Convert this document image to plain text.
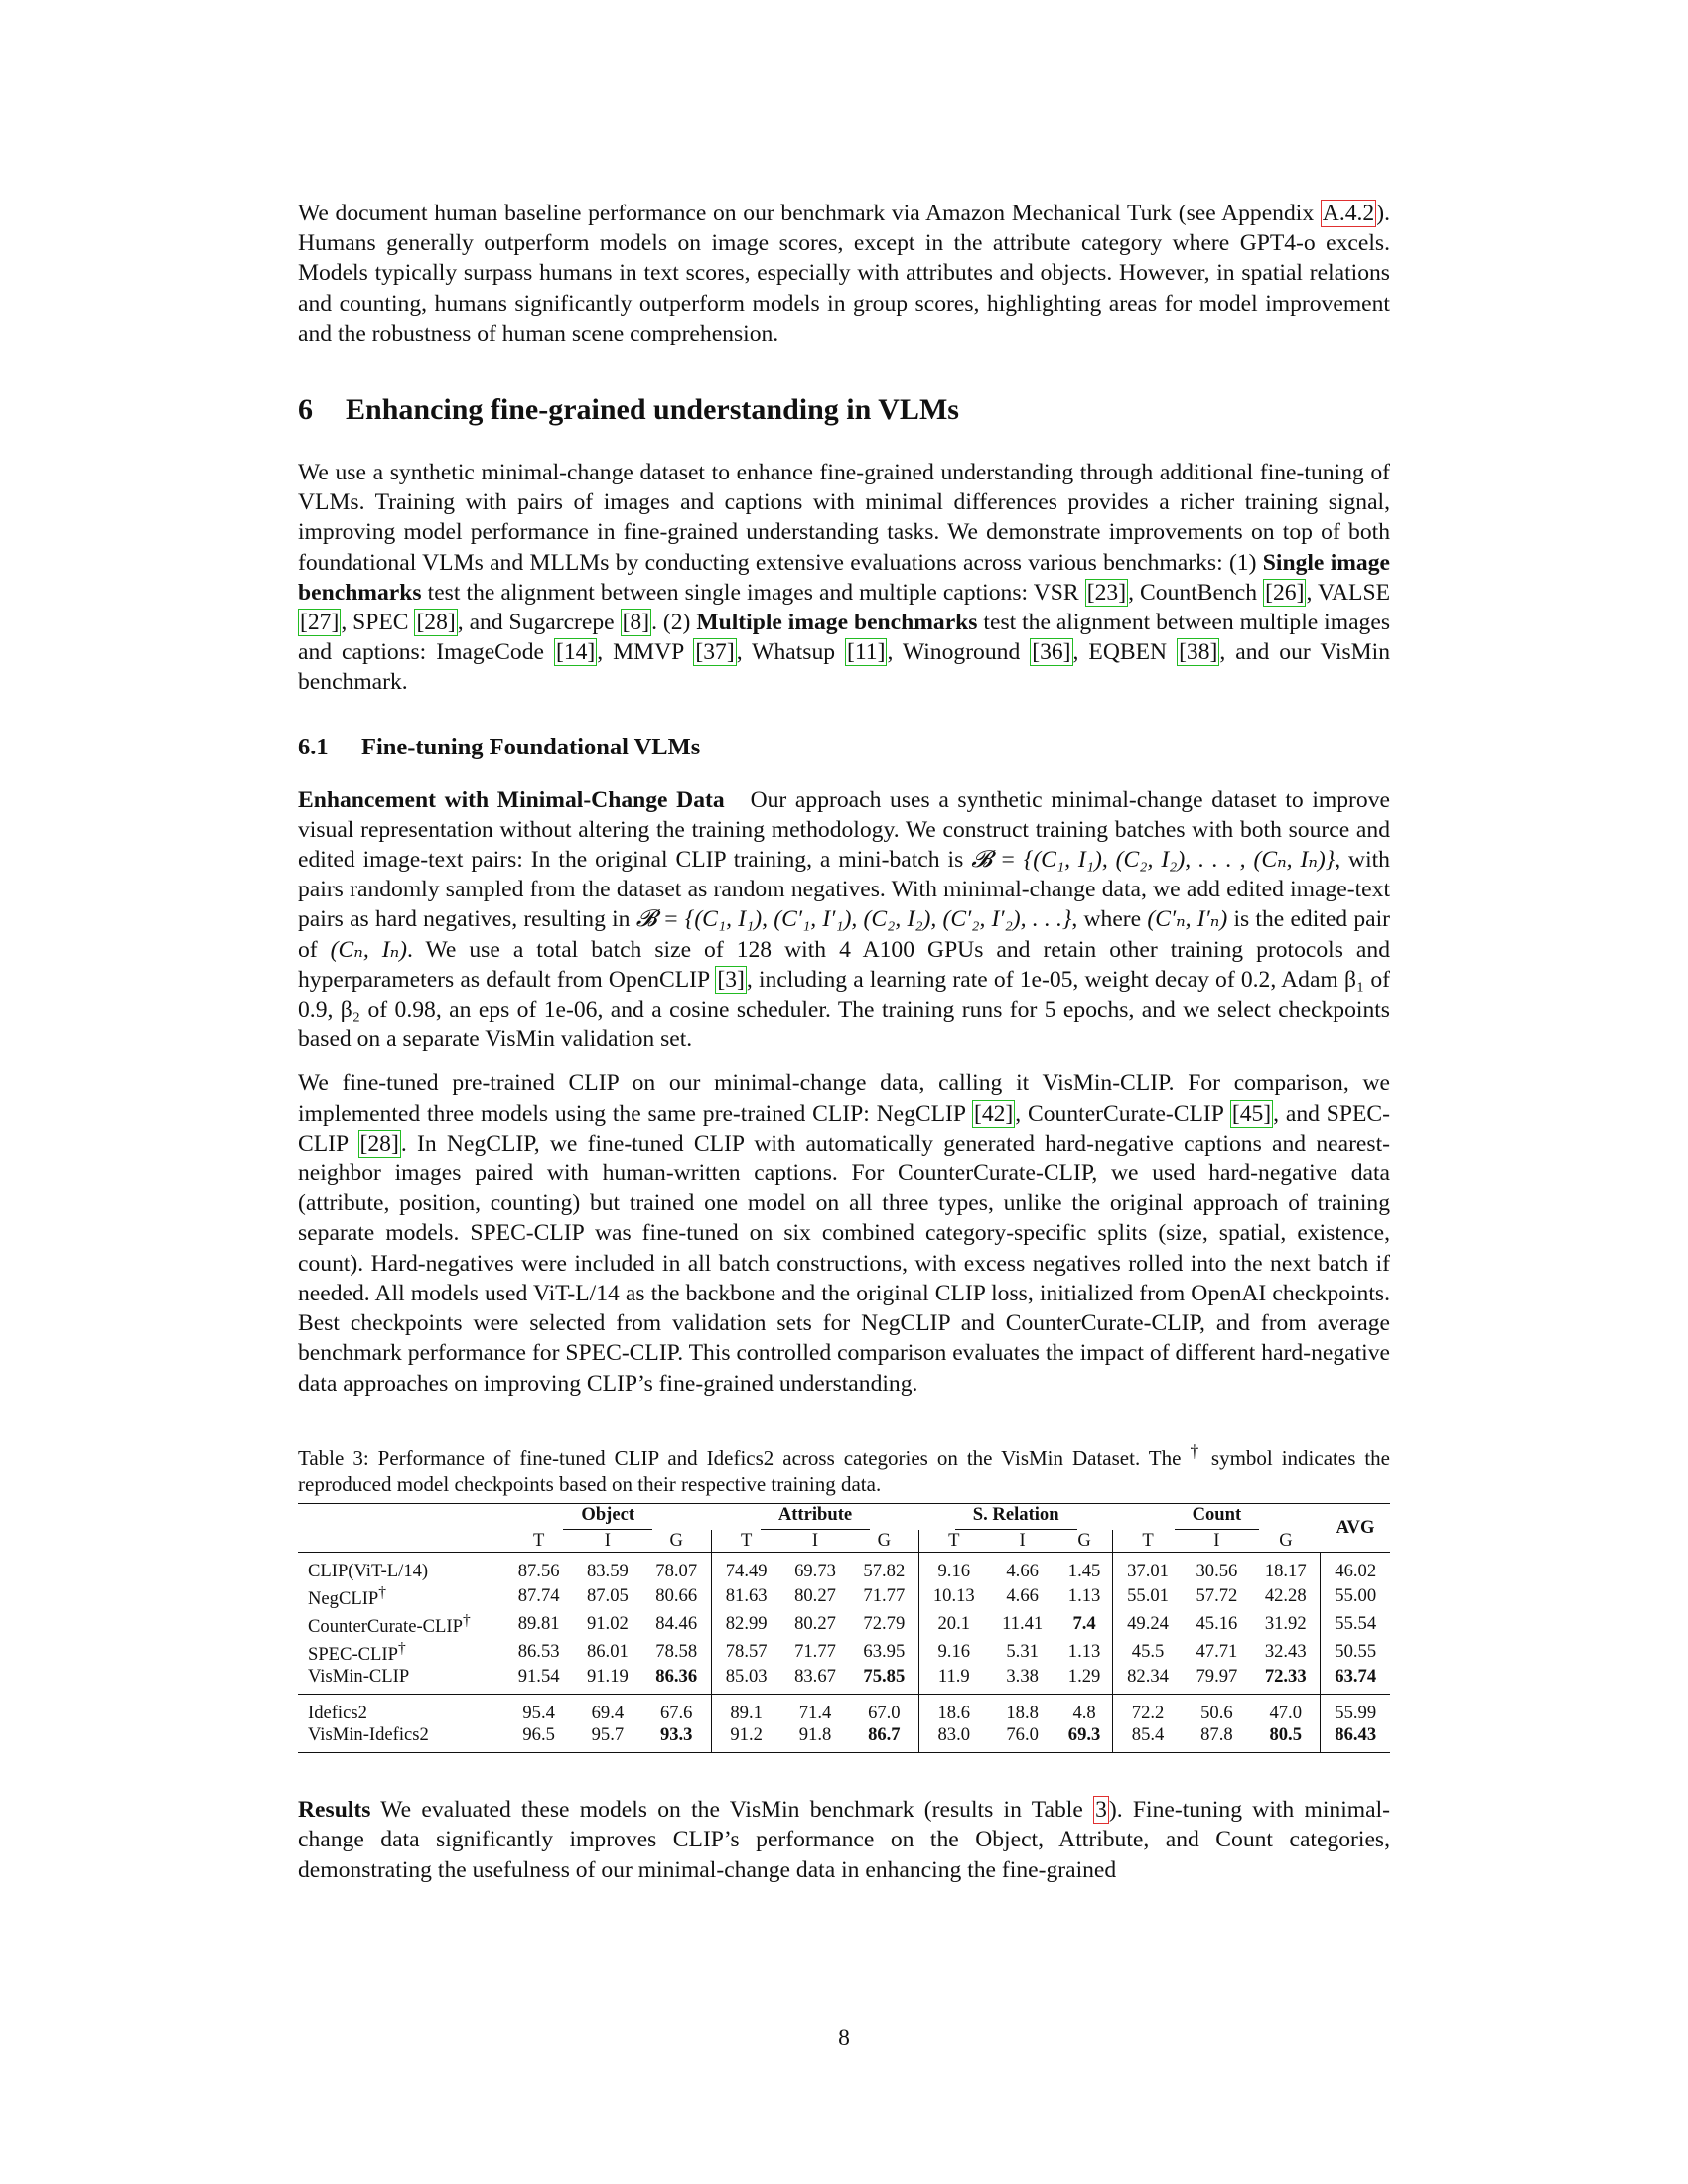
We document human baseline performance on our benchmark via Amazon Mechanical Turk (see Appendix A.4.2). Humans generally outperform models on image scores, except in the attribute category where GPT4-o excels. Models typically surpass humans in text scores, especially with attributes and objects. However, in spatial relations and counting, humans significantly outperform models in group scores, highlighting areas for model improvement and the robustness of human scene comprehension.

6 Enhancing fine-grained understanding in VLMs

We use a synthetic minimal-change dataset to enhance fine-grained understanding through additional fine-tuning of VLMs. Training with pairs of images and captions with minimal differences provides a richer training signal, improving model performance in fine-grained understanding tasks. We demonstrate improvements on top of both foundational VLMs and MLLMs by conducting extensive evaluations across various benchmarks: (1) Single image benchmarks test the alignment between single images and multiple captions: VSR [23], CountBench [26], VALSE [27], SPEC [28], and Sugarcrepe [8]. (2) Multiple image benchmarks test the alignment between multiple images and captions: ImageCode [14], MMVP [37], Whatsup [11], Winoground [36], EQBEN [38], and our VisMin benchmark.

6.1 Fine-tuning Foundational VLMs

Enhancement with Minimal-Change Data Our approach uses a synthetic minimal-change dataset to improve visual representation without altering the training methodology. We construct training batches with both source and edited image-text pairs: In the original CLIP training, a mini-batch is 𝓑 = {(C₁, I₁), (C₂, I₂), . . . , (Cₙ, Iₙ)}, with pairs randomly sampled from the dataset as random negatives. With minimal-change data, we add edited image-text pairs as hard negatives, resulting in 𝓑 = {(C₁, I₁), (C′₁, I′₁), (C₂, I₂), (C′₂, I′₂), . . .}, where (C′ₙ, I′ₙ) is the edited pair of (Cₙ, Iₙ). We use a total batch size of 128 with 4 A100 GPUs and retain other training protocols and hyperparameters as default from OpenCLIP [3], including a learning rate of 1e-05, weight decay of 0.2, Adam β₁ of 0.9, β₂ of 0.98, an eps of 1e-06, and a cosine scheduler. The training runs for 5 epochs, and we select checkpoints based on a separate VisMin validation set.

We fine-tuned pre-trained CLIP on our minimal-change data, calling it VisMin-CLIP. For comparison, we implemented three models using the same pre-trained CLIP: NegCLIP [42], CounterCurate-CLIP [45], and SPEC-CLIP [28]. In NegCLIP, we fine-tuned CLIP with automatically generated hard-negative captions and nearest-neighbor images paired with human-written captions. For CounterCurate-CLIP, we used hard-negative data (attribute, position, counting) but trained one model on all three types, unlike the original approach of training separate models. SPEC-CLIP was fine-tuned on six combined category-specific splits (size, spatial, existence, count). Hard-negatives were included in all batch constructions, with excess negatives rolled into the next batch if needed. All models used ViT-L/14 as the backbone and the original CLIP loss, initialized from OpenAI checkpoints. Best checkpoints were selected from validation sets for NegCLIP and CounterCurate-CLIP, and from average benchmark performance for SPEC-CLIP. This controlled comparison evaluates the impact of different hard-negative data approaches on improving CLIP’s fine-grained understanding.

Table 3: Performance of fine-tuned CLIP and Idefics2 across categories on the VisMin Dataset. The † symbol indicates the reproduced model checkpoints based on their respective training data.

	Object			Attribute			S. Relation			Count			AVG
	T	I	G	T	I	G	T	I	G	T	I	G	
CLIP(ViT-L/14)	87.56	83.59	78.07	74.49	69.73	57.82	9.16	4.66	1.45	37.01	30.56	18.17	46.02
NegCLIP†	87.74	87.05	80.66	81.63	80.27	71.77	10.13	4.66	1.13	55.01	57.72	42.28	55.00
CounterCurate-CLIP†	89.81	91.02	84.46	82.99	80.27	72.79	20.1	11.41	7.4	49.24	45.16	31.92	55.54
SPEC-CLIP†	86.53	86.01	78.58	78.57	71.77	63.95	9.16	5.31	1.13	45.5	47.71	32.43	50.55
VisMin-CLIP	91.54	91.19	86.36	85.03	83.67	75.85	11.9	3.38	1.29	82.34	79.97	72.33	63.74
Idefics2	95.4	69.4	67.6	89.1	71.4	67.0	18.6	18.8	4.8	72.2	50.6	47.0	55.99
VisMin-Idefics2	96.5	95.7	93.3	91.2	91.8	86.7	83.0	76.0	69.3	85.4	87.8	80.5	86.43

Results We evaluated these models on the VisMin benchmark (results in Table 3). Fine-tuning with minimal-change data significantly improves CLIP’s performance on the Object, Attribute, and Count categories, demonstrating the usefulness of our minimal-change data in enhancing the fine-grained

8
